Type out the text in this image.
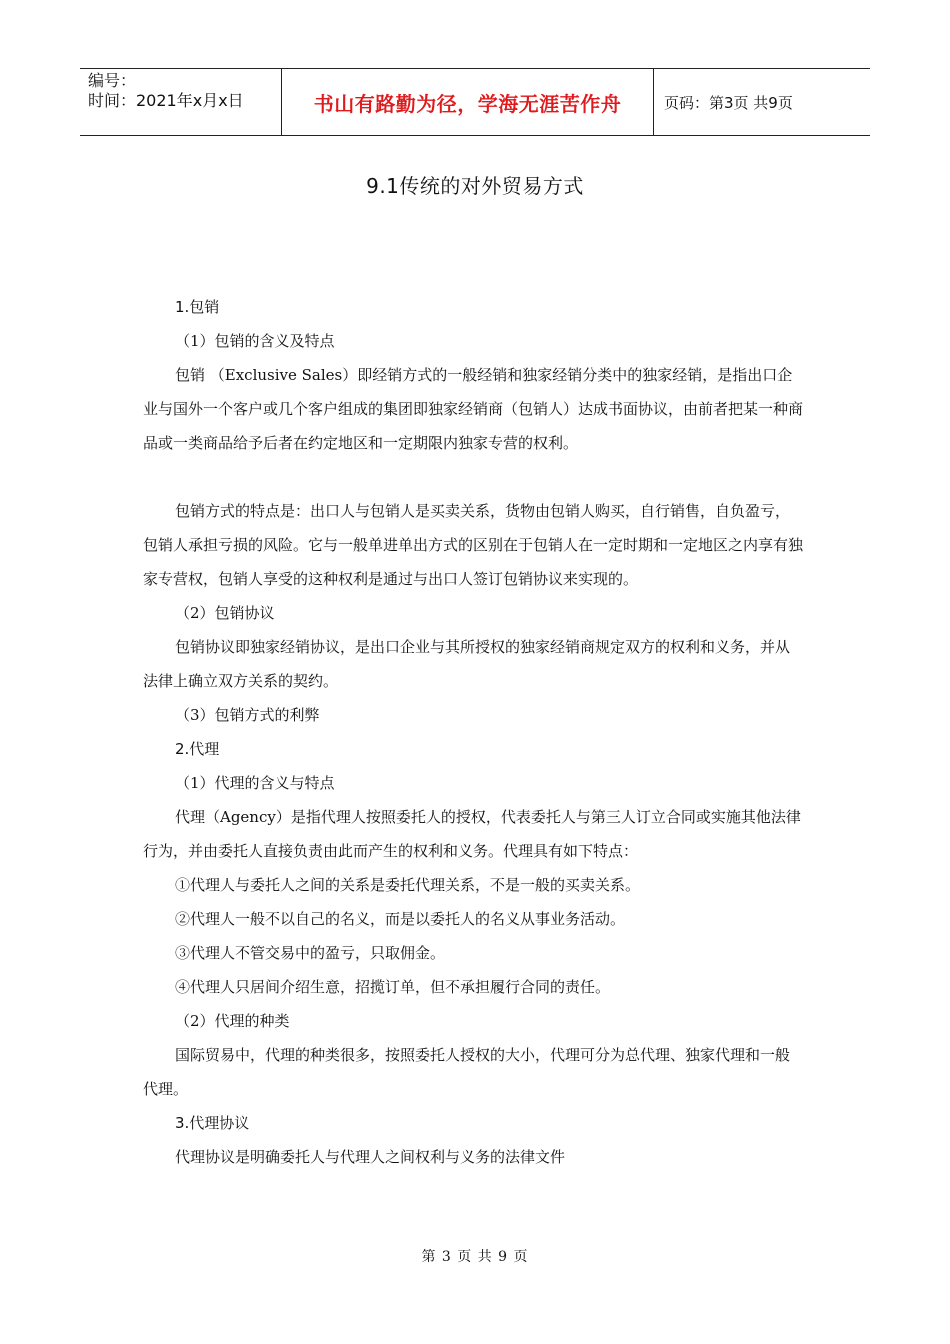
编号：
时间：2021年x月x日	书山有路勤为径，学海无涯苦作舟	页码：第3页 共9页
9.1传统的对外贸易方式

1.包销

（1）包销的含义及特点

包销 （Exclusive Sales）即经销方式的一般经销和独家经销分类中的独家经销，是指出口企业与国外一个客户或几个客户组成的集团即独家经销商（包销人）达成书面协议，由前者把某一种商品或一类商品给予后者在约定地区和一定期限内独家专营的权利。

包销方式的特点是：出口人与包销人是买卖关系，货物由包销人购买，自行销售，自负盈亏，包销人承担亏损的风险。它与一般单进单出方式的区别在于包销人在一定时期和一定地区之内享有独家专营权，包销人享受的这种权利是通过与出口人签订包销协议来实现的。

（2）包销协议

包销协议即独家经销协议，是出口企业与其所授权的独家经销商规定双方的权利和义务，并从法律上确立双方关系的契约。

（3）包销方式的利弊

2.代理

（1）代理的含义与特点

代理（Agency）是指代理人按照委托人的授权，代表委托人与第三人订立合同或实施其他法律行为，并由委托人直接负责由此而产生的权利和义务。代理具有如下特点：

①代理人与委托人之间的关系是委托代理关系，不是一般的买卖关系。

②代理人一般不以自己的名义，而是以委托人的名义从事业务活动。

③代理人不管交易中的盈亏，只取佣金。

④代理人只居间介绍生意，招揽订单，但不承担履行合同的责任。

（2）代理的种类

国际贸易中，代理的种类很多，按照委托人授权的大小，代理可分为总代理、独家代理和一般代理。

3.代理协议

代理协议是明确委托人与代理人之间权利与义务的法律文件

第 3 页 共 9 页
